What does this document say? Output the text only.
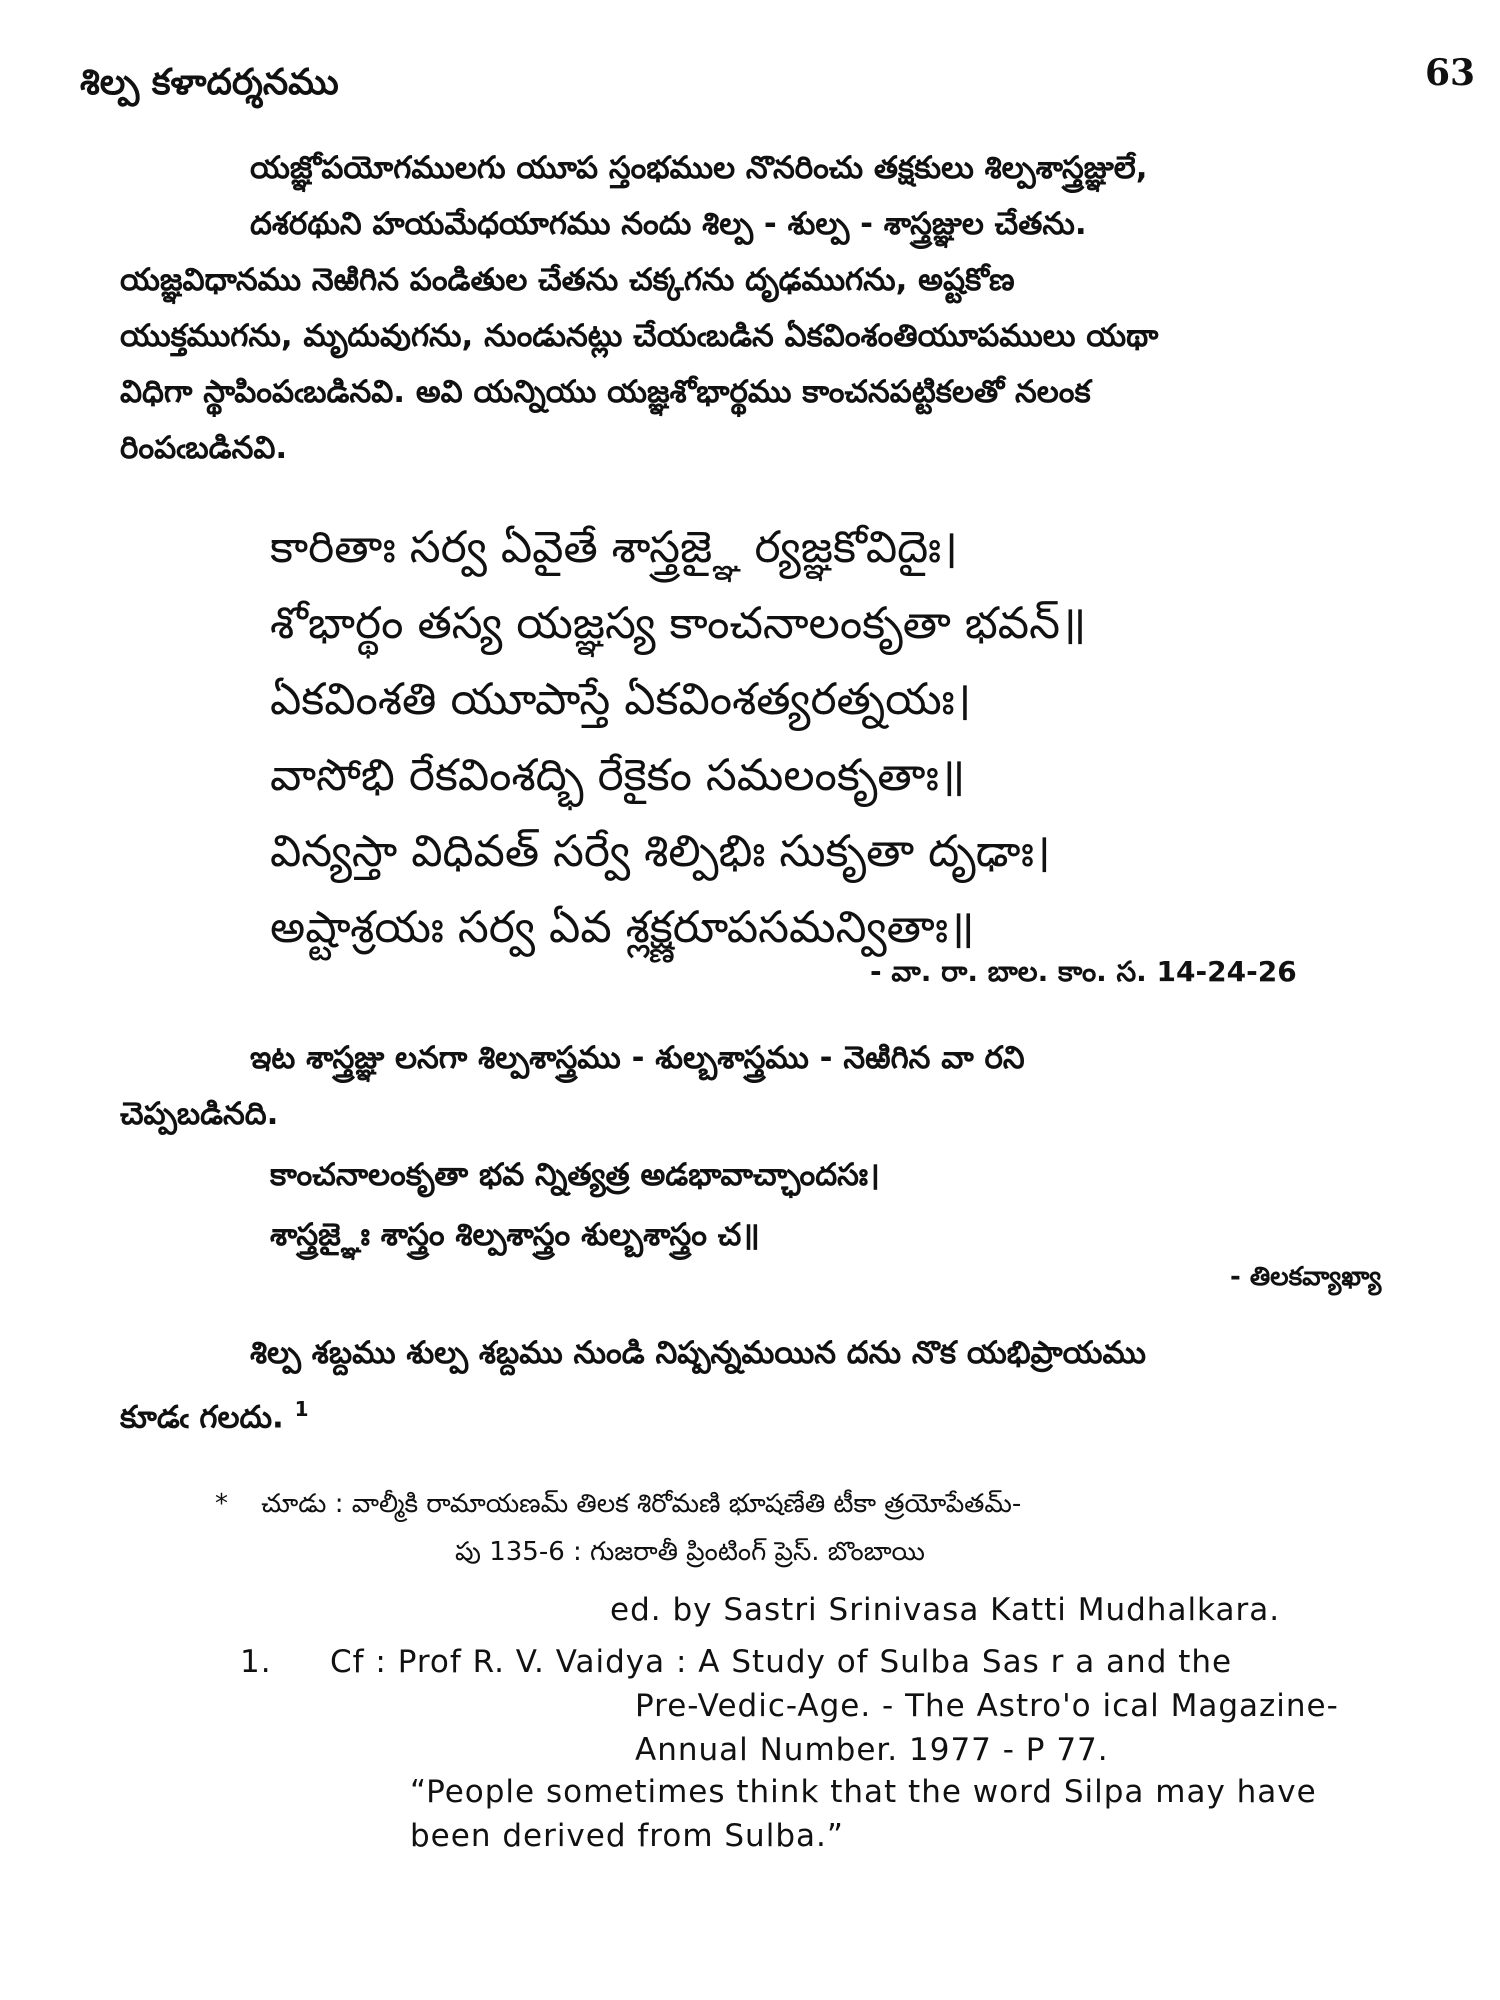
శిల్ప కళాదర్శనము	63

యజ్ఞోపయోగములగు యూప స్తంభముల నొనరించు తక్షకులు శిల్పశాస్త్రజ్ఞులే,

దశరథుని హయమేధయాగము నందు శిల్ప - శుల్ప - శాస్త్రజ్ఞుల చేతను.

యజ్ఞవిధానము నెఱిగిన పండితుల చేతను చక్కగను దృఢముగను, అష్టకోణ

యుక్తముగను, మృదువుగను, నుండునట్లు చేయఁబడిన ఏకవింశంతియూపములు యథా

విధిగా స్థాపింపఁబడినవి. అవి యన్నియు యజ్ఞశోభార్థము కాంచనపట్టికలతో నలంక

రింపఁబడినవి.

కారితాః సర్వ ఏవైతే శాస్త్రజ్ఞై ర్యజ్ఞకోవిదైః।
శోభార్థం తస్య యజ్ఞస్య కాంచనాలంకృతా భవన్॥
ఏకవింశతి యూపాస్తే ఏకవింశత్యరత్నయః।
వాసోభి రేకవింశద్భి రేకైకం సమలంకృతాః॥
విన్యస్తా విధివత్ సర్వే శిల్పిభిః సుకృతా దృఢాః।
అష్టాశ్రయః సర్వ ఏవ శ్లక్ష్ణరూపసమన్వితాః॥
- వా. రా. బాల. కాం. స. 14-24-26

ఇట శాస్త్రజ్ఞు లనగా శిల్పశాస్త్రము - శుల్బశాస్త్రము - నెఱిగిన వా రని

చెప్పబడినది.

కాంచనాలంకృతా భవ న్నిత్యత్ర అడభావాచ్ఛాందసః।
శాస్త్రజ్ఞైః శాస్త్రం శిల్పశాస్త్రం శుల్బశాస్త్రం చ॥
- తిలకవ్యాఖ్యా

శిల్ప శబ్దము శుల్ప శబ్దము నుండి నిష్పన్నమయిన దను నొక యభిప్రాయము

కూడఁ గలదు. $^1$

* చూడు : వాల్మీకి రామాయణమ్ తిలక శిరోమణి భూషణేతి టీకా త్రయోపేతమ్-
పు 135-6 : గుజరాతీ ప్రింటింగ్ ప్రెస్. బొంబాయి
ed. by Sastri Srinivasa Katti Mudhalkara.
1. Cf : Prof R. V. Vaidya : A Study of Sulba Sas r a and the
Pre-Vedic-Age. - The Astro'o ical Magazine-
Annual Number. 1977 - P 77.
“People sometimes think that the word Silpa may have
been derived from Sulba.”
